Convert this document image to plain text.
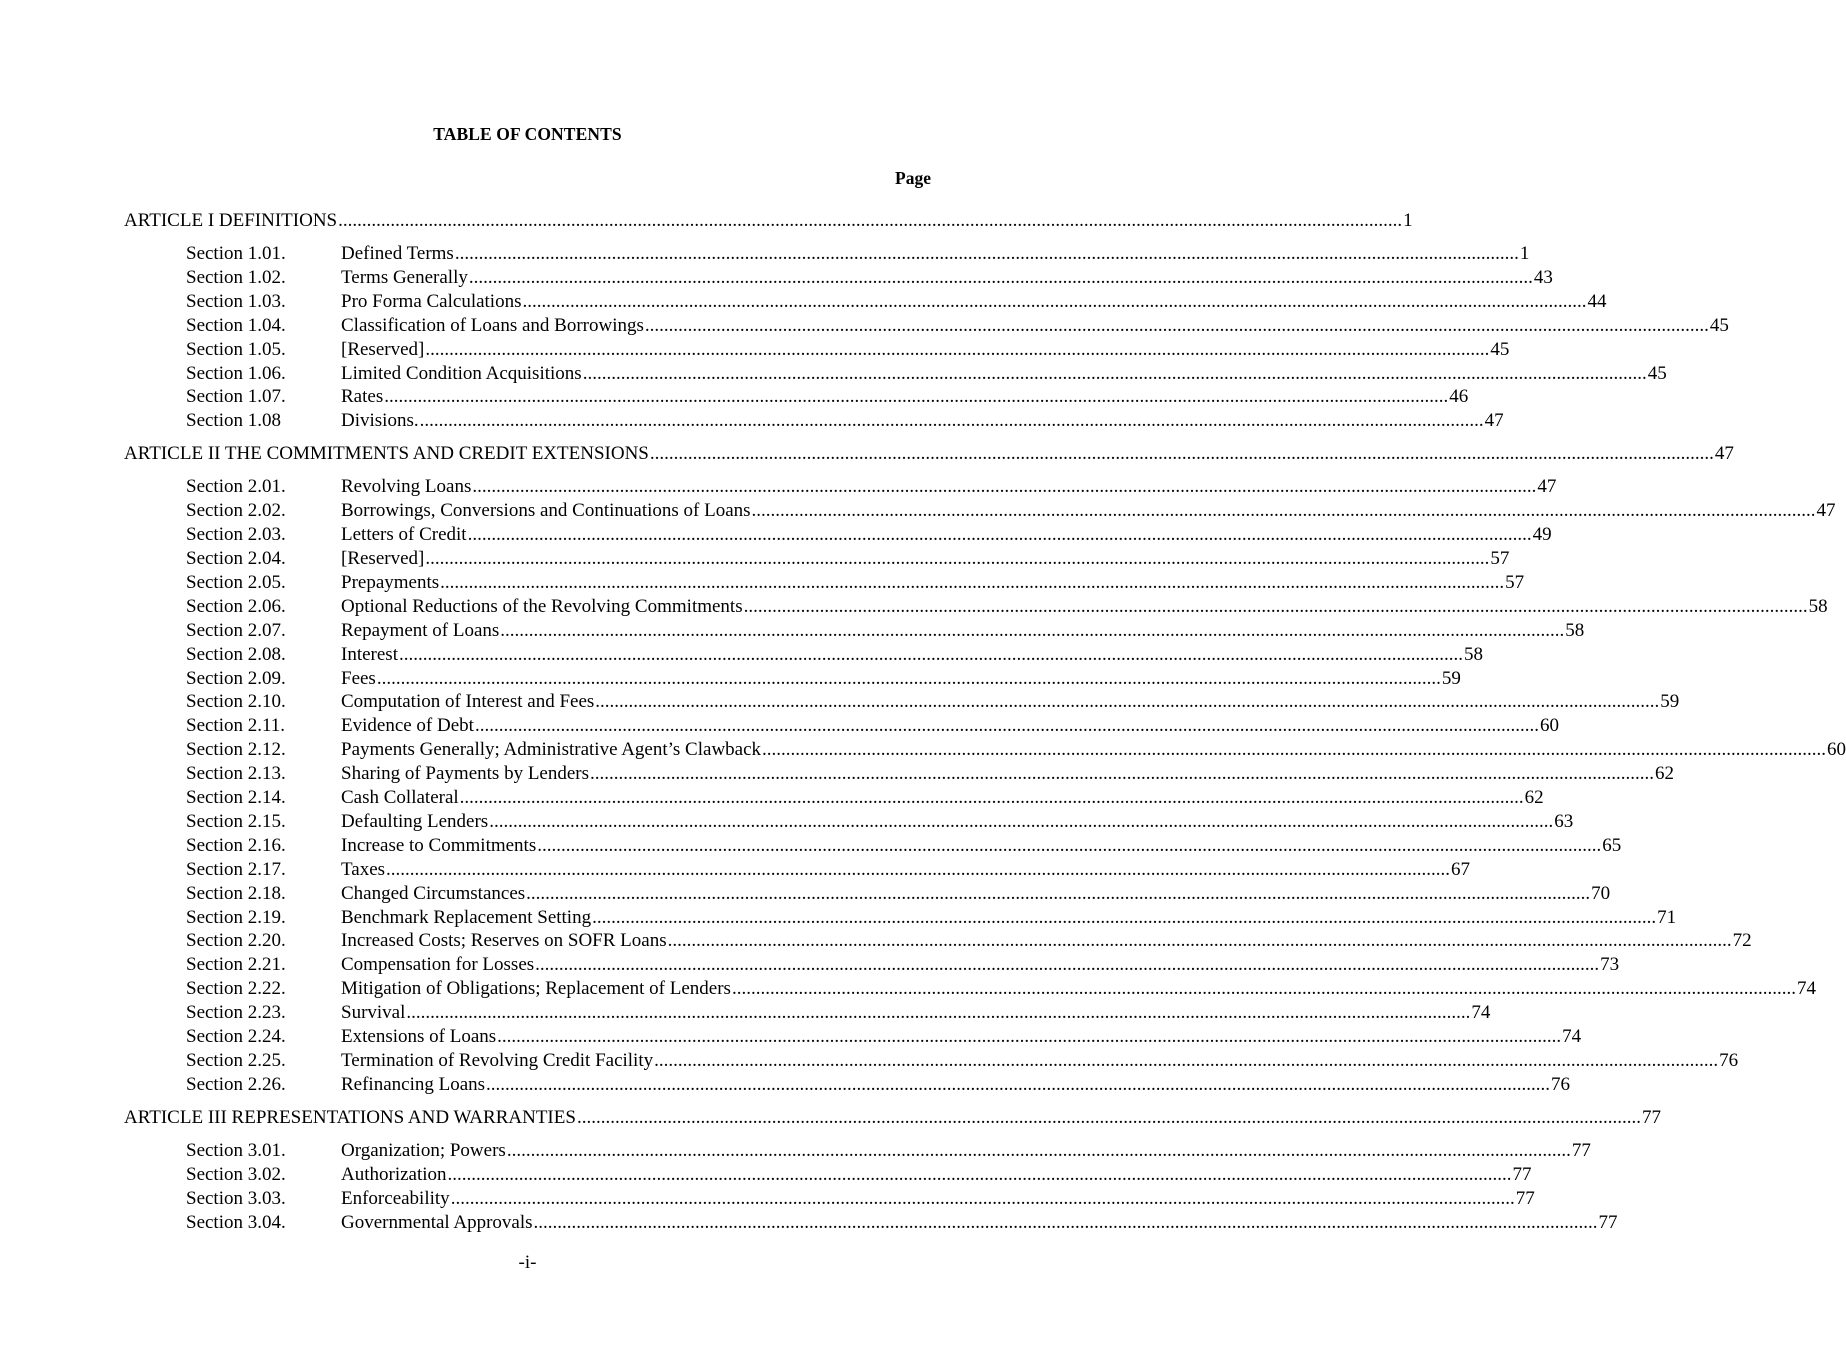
TABLE OF CONTENTS
Page
ARTICLE I DEFINITIONS ................................................................................................................................................................................................................................ 1
Section 1.01.	Defined Terms ................................................................................................................................................................................................................................ 1
Section 1.02.	Terms Generally ................................................................................................................................................................................................................................ 43
Section 1.03.	Pro Forma Calculations ................................................................................................................................................................................................................................ 44
Section 1.04.	Classification of Loans and Borrowings ................................................................................................................................................................................................................................ 45
Section 1.05.	[Reserved] ................................................................................................................................................................................................................................ 45
Section 1.06.	Limited Condition Acquisitions ................................................................................................................................................................................................................................ 45
Section 1.07.	Rates ................................................................................................................................................................................................................................ 46
Section 1.08	Divisions. ................................................................................................................................................................................................................................ 47
ARTICLE II THE COMMITMENTS AND CREDIT EXTENSIONS ................................................................................................................................................................................................................................ 47
Section 2.01.	Revolving Loans ................................................................................................................................................................................................................................ 47
Section 2.02.	Borrowings, Conversions and Continuations of Loans ................................................................................................................................................................................................................................ 47
Section 2.03.	Letters of Credit ................................................................................................................................................................................................................................ 49
Section 2.04.	[Reserved] ................................................................................................................................................................................................................................ 57
Section 2.05.	Prepayments ................................................................................................................................................................................................................................ 57
Section 2.06.	Optional Reductions of the Revolving Commitments ................................................................................................................................................................................................................................ 58
Section 2.07.	Repayment of Loans ................................................................................................................................................................................................................................ 58
Section 2.08.	Interest ................................................................................................................................................................................................................................ 58
Section 2.09.	Fees ................................................................................................................................................................................................................................ 59
Section 2.10.	Computation of Interest and Fees ................................................................................................................................................................................................................................ 59
Section 2.11.	Evidence of Debt ................................................................................................................................................................................................................................ 60
Section 2.12.	Payments Generally; Administrative Agent’s Clawback ................................................................................................................................................................................................................................ 60
Section 2.13.	Sharing of Payments by Lenders ................................................................................................................................................................................................................................ 62
Section 2.14.	Cash Collateral ................................................................................................................................................................................................................................ 62
Section 2.15.	Defaulting Lenders ................................................................................................................................................................................................................................ 63
Section 2.16.	Increase to Commitments ................................................................................................................................................................................................................................ 65
Section 2.17.	Taxes ................................................................................................................................................................................................................................ 67
Section 2.18.	Changed Circumstances ................................................................................................................................................................................................................................ 70
Section 2.19.	Benchmark Replacement Setting ................................................................................................................................................................................................................................ 71
Section 2.20.	Increased Costs; Reserves on SOFR Loans ................................................................................................................................................................................................................................ 72
Section 2.21.	Compensation for Losses ................................................................................................................................................................................................................................ 73
Section 2.22.	Mitigation of Obligations; Replacement of Lenders ................................................................................................................................................................................................................................ 74
Section 2.23.	Survival ................................................................................................................................................................................................................................ 74
Section 2.24.	Extensions of Loans ................................................................................................................................................................................................................................ 74
Section 2.25.	Termination of Revolving Credit Facility ................................................................................................................................................................................................................................ 76
Section 2.26.	Refinancing Loans ................................................................................................................................................................................................................................ 76
ARTICLE III REPRESENTATIONS AND WARRANTIES ................................................................................................................................................................................................................................ 77
Section 3.01.	Organization; Powers ................................................................................................................................................................................................................................ 77
Section 3.02.	Authorization ................................................................................................................................................................................................................................ 77
Section 3.03.	Enforceability ................................................................................................................................................................................................................................ 77
Section 3.04.	Governmental Approvals ................................................................................................................................................................................................................................ 77
-i-
